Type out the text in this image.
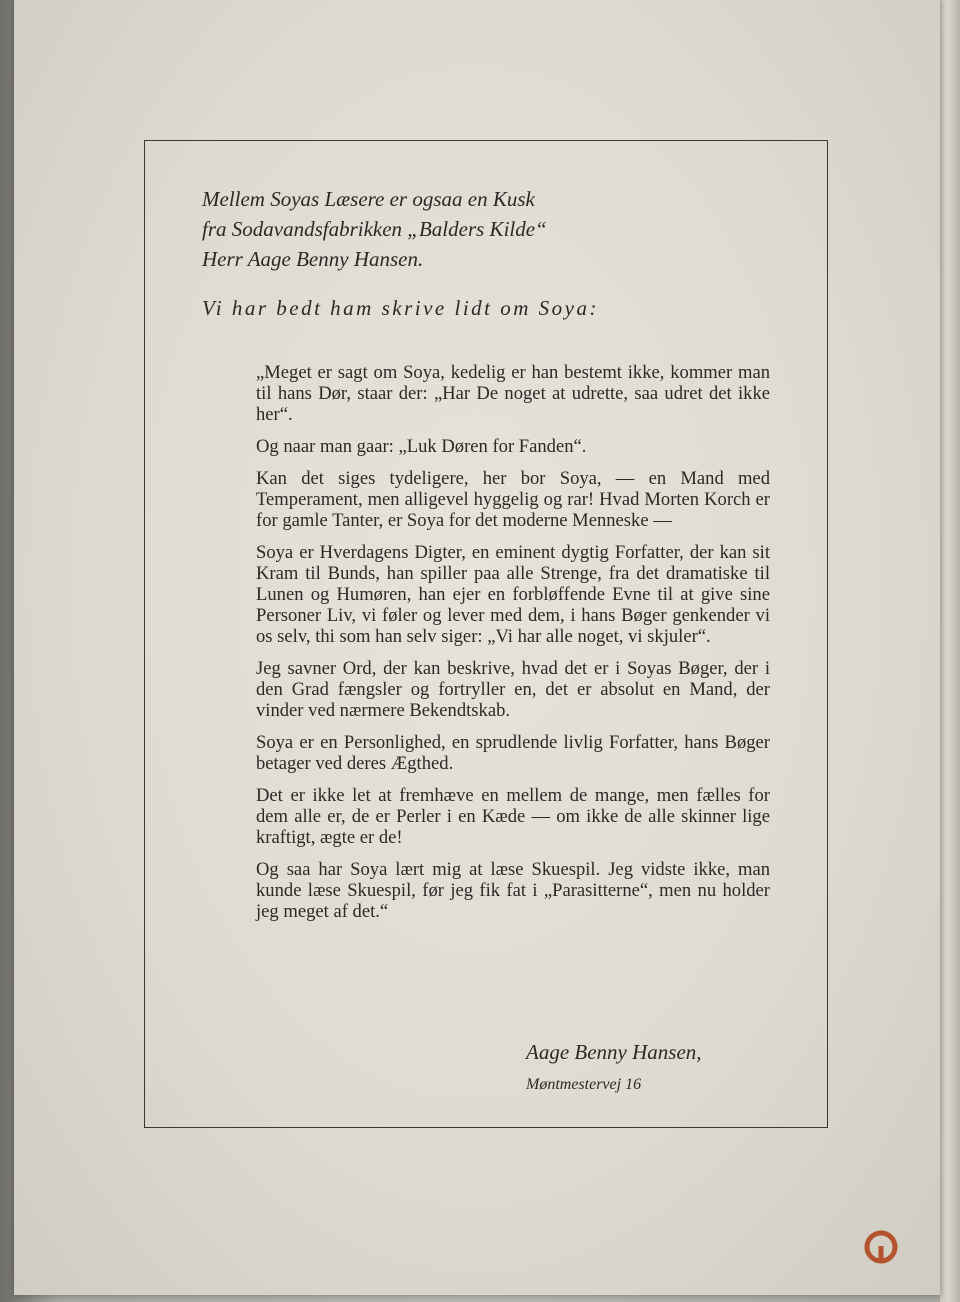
Mellem Soyas Læsere er ogsaa en Kusk
fra Sodavandsfabrikken „Balders Kilde“
Herr Aage Benny Hansen.
Vi har bedt ham skrive lidt om Soya:

„Meget er sagt om Soya, kedelig er han bestemt ikke, kommer man til hans Dør, staar der: „Har De noget at udrette, saa udret det ikke her“.

Og naar man gaar: „Luk Døren for Fanden“.

Kan det siges tydeligere, her bor Soya, — en Mand med Temperament, men alligevel hyggelig og rar! Hvad Morten Korch er for gamle Tanter, er Soya for det moderne Menneske —

Soya er Hverdagens Digter, en eminent dygtig Forfatter, der kan sit Kram til Bunds, han spiller paa alle Strenge, fra det dramatiske til Lunen og Humøren, han ejer en forbløffende Evne til at give sine Personer Liv, vi føler og lever med dem, i hans Bøger genkender vi os selv, thi som han selv siger: „Vi har alle noget, vi skjuler“.

Jeg savner Ord, der kan beskrive, hvad det er i Soyas Bøger, der i den Grad fængsler og fortryller en, det er absolut en Mand, der vinder ved nærmere Bekendtskab.

Soya er en Personlighed, en sprudlende livlig Forfatter, hans Bøger betager ved deres Ægthed.

Det er ikke let at fremhæve en mellem de mange, men fælles for dem alle er, de er Perler i en Kæde — om ikke de alle skinner lige kraftigt, ægte er de!

Og saa har Soya lært mig at læse Skuespil. Jeg vidste ikke, man kunde læse Skuespil, før jeg fik fat i „Parasitterne“, men nu holder jeg meget af det.“

Aage Benny Hansen,
Møntmestervej 16
